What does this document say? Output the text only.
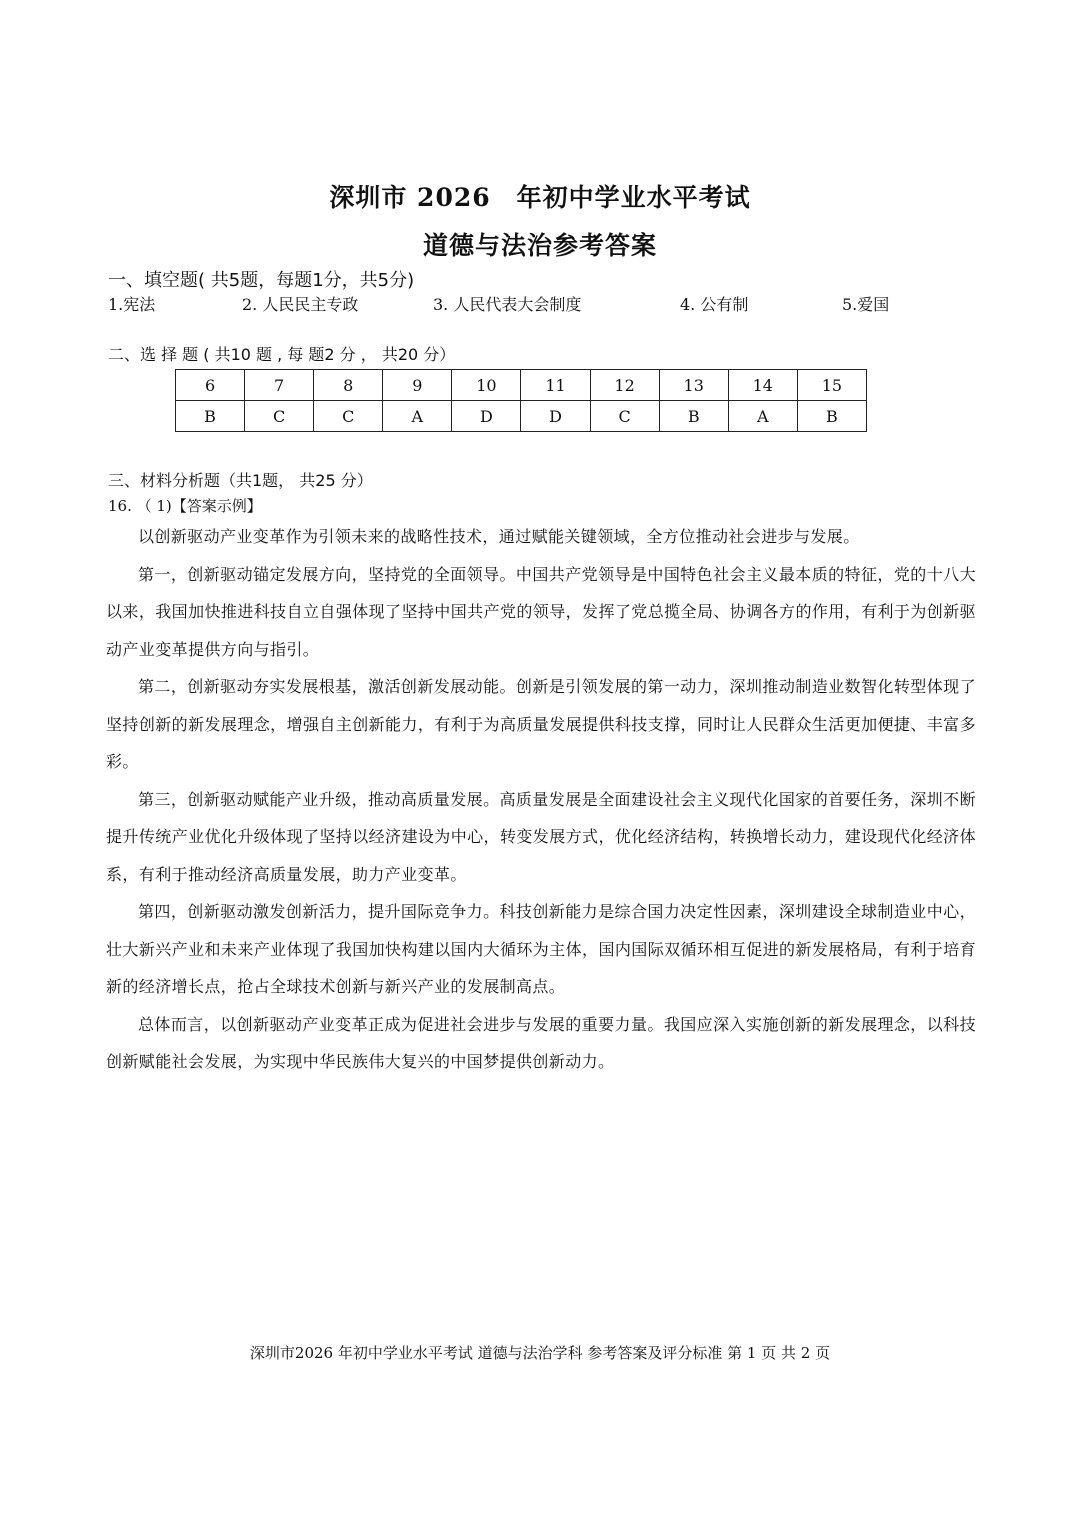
深圳市 2026　年初中学业水平考试
道德与法治参考答案
一、填空题( 共5题，每题1分，共5分)
1.宪法	2. 人民民主专政	3. 人民代表大会制度	4. 公有制	5.爱国
二、选 择 题 ( 共10 题 , 每 题2 分 ， 共20 分）
6	7	8	9	10	11	12	13	14	15
B	C	C	A	D	D	C	B	A	B
三、材料分析题（共1题， 共25 分）
16. （ 1)【答案示例】

以创新驱动产业变革作为引领未来的战略性技术，通过赋能关键领域，全方位推动社会进步与发展。

第一，创新驱动锚定发展方向，坚持党的全面领导。中国共产党领导是中国特色社会主义最本质的特征，党的十八大以来，我国加快推进科技自立自强体现了坚持中国共产党的领导，发挥了党总揽全局、协调各方的作用，有利于为创新驱动产业变革提供方向与指引。

第二，创新驱动夯实发展根基，激活创新发展动能。创新是引领发展的第一动力，深圳推动制造业数智化转型体现了坚持创新的新发展理念，增强自主创新能力，有利于为高质量发展提供科技支撑，同时让人民群众生活更加便捷、丰富多彩。

第三，创新驱动赋能产业升级，推动高质量发展。高质量发展是全面建设社会主义现代化国家的首要任务，深圳不断提升传统产业优化升级体现了坚持以经济建设为中心，转变发展方式，优化经济结构，转换增长动力，建设现代化经济体系，有利于推动经济高质量发展，助力产业变革。

第四，创新驱动激发创新活力，提升国际竞争力。科技创新能力是综合国力决定性因素，深圳建设全球制造业中心，壮大新兴产业和未来产业体现了我国加快构建以国内大循环为主体，国内国际双循环相互促进的新发展格局，有利于培育新的经济增长点，抢占全球技术创新与新兴产业的发展制高点。

总体而言，以创新驱动产业变革正成为促进社会进步与发展的重要力量。我国应深入实施创新的新发展理念，以科技创新赋能社会发展，为实现中华民族伟大复兴的中国梦提供创新动力。

深圳市2026 年初中学业水平考试 道德与法治学科 参考答案及评分标准 第 1 页 共 2 页
